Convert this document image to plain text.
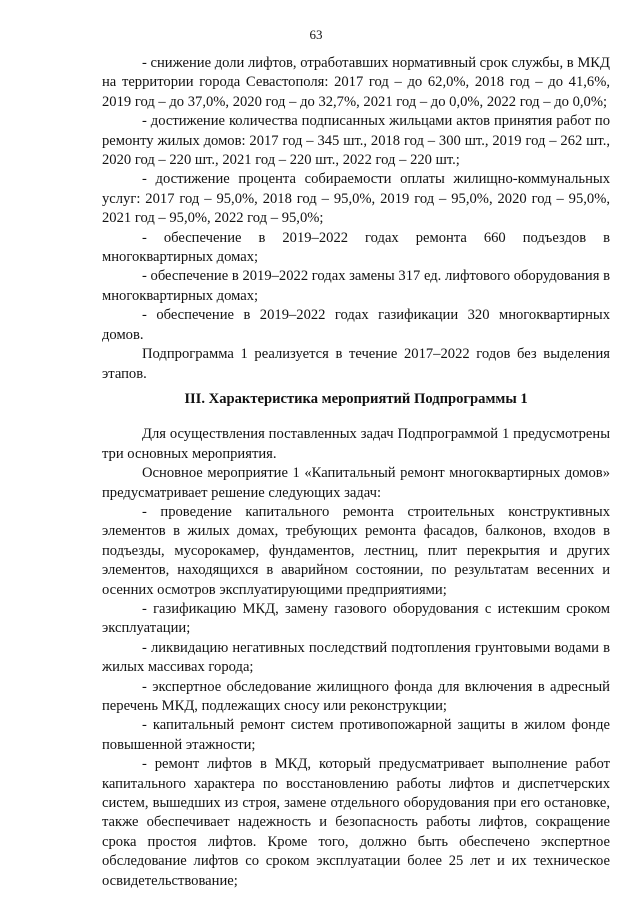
63

- снижение доли лифтов, отработавших нормативный срок службы, в МКД на территории города Севастополя: 2017 год – до 62,0%, 2018 год – до 41,6%, 2019 год – до 37,0%, 2020 год – до 32,7%, 2021 год – до 0,0%, 2022 год – до 0,0%;

- достижение количества подписанных жильцами актов принятия работ по ремонту жилых домов: 2017 год – 345 шт., 2018 год – 300 шт., 2019 год – 262 шт., 2020 год – 220 шт., 2021 год – 220 шт., 2022 год – 220 шт.;

- достижение процента собираемости оплаты жилищно-коммунальных услуг: 2017 год – 95,0%, 2018 год – 95,0%, 2019 год – 95,0%, 2020 год – 95,0%, 2021 год – 95,0%, 2022 год – 95,0%;

- обеспечение в 2019–2022 годах ремонта 660 подъездов в многоквартирных домах;

- обеспечение в 2019–2022 годах замены 317 ед. лифтового оборудования в многоквартирных домах;

- обеспечение в 2019–2022 годах газификации 320 многоквартирных домов.

Подпрограмма 1 реализуется в течение 2017–2022 годов без выделения этапов.

III. Характеристика мероприятий Подпрограммы 1

Для осуществления поставленных задач Подпрограммой 1 предусмотрены три основных мероприятия.

Основное мероприятие 1 «Капитальный ремонт многоквартирных домов» предусматривает решение следующих задач:

- проведение капитального ремонта строительных конструктивных элементов в жилых домах, требующих ремонта фасадов, балконов, входов в подъезды, мусорокамер, фундаментов, лестниц, плит перекрытия и других элементов, находящихся в аварийном состоянии, по результатам весенних и осенних осмотров эксплуатирующими предприятиями;

- газификацию МКД, замену газового оборудования с истекшим сроком эксплуатации;

- ликвидацию негативных последствий подтопления грунтовыми водами в жилых массивах города;

- экспертное обследование жилищного фонда для включения в адресный перечень МКД, подлежащих сносу или реконструкции;

- капитальный ремонт систем противопожарной защиты в жилом фонде повышенной этажности;

- ремонт лифтов в МКД, который предусматривает выполнение работ капитального характера по восстановлению работы лифтов и диспетчерских систем, вышедших из строя, замене отдельного оборудования при его остановке, также обеспечивает надежность и безопасность работы лифтов, сокращение срока простоя лифтов. Кроме того, должно быть обеспечено экспертное обследование лифтов со сроком эксплуатации более 25 лет и их техническое освидетельствование;
